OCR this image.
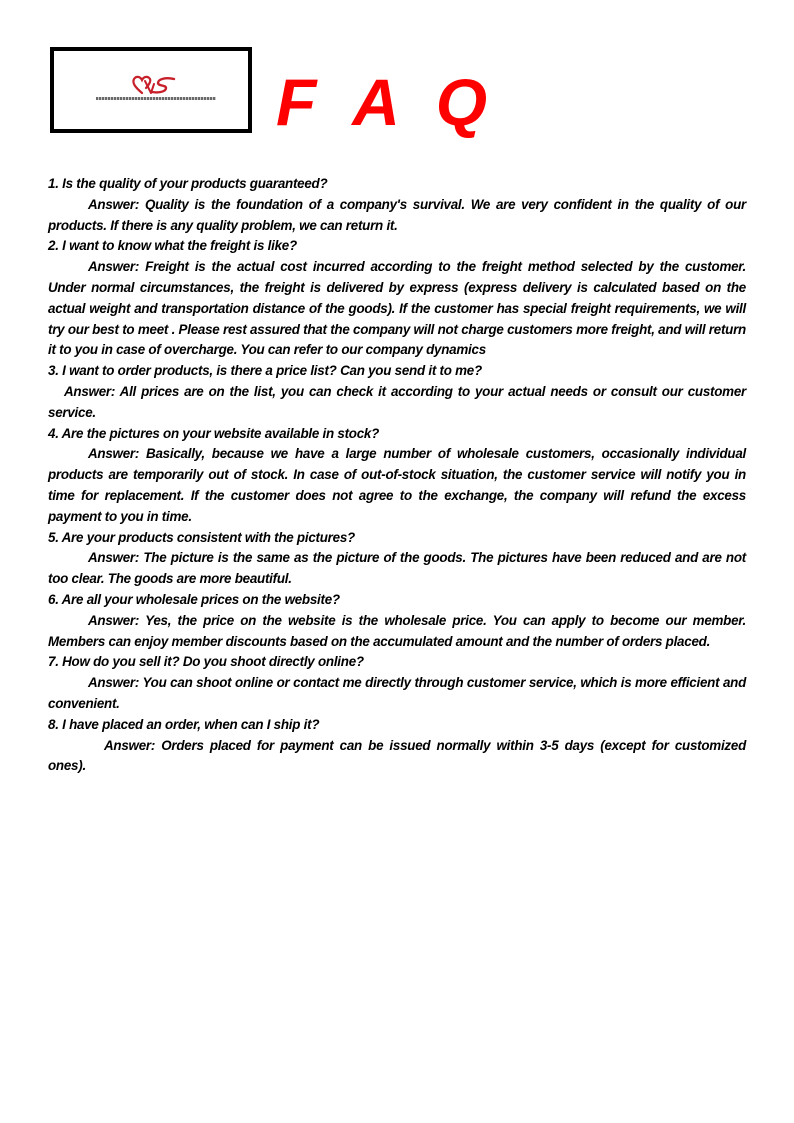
F A Q

1. Is the quality of your products guaranteed?

Answer: Quality is the foundation of a company's survival. We are very confident in the quality of our products. If there is any quality problem, we can return it.

2. I want to know what the freight is like?

Answer: Freight is the actual cost incurred according to the freight method selected by the customer. Under normal circumstances, the freight is delivered by express (express delivery is calculated based on the actual weight and transportation distance of the goods). If the customer has special freight requirements, we will try our best to meet . Please rest assured that the company will not charge customers more freight, and will return it to you in case of overcharge. You can refer to our company dynamics

3. I want to order products, is there a price list? Can you send it to me?

Answer: All prices are on the list, you can check it according to your actual needs or consult our customer service.

4. Are the pictures on your website available in stock?

Answer: Basically, because we have a large number of wholesale customers, occasionally individual products are temporarily out of stock. In case of out-of-stock situation, the customer service will notify you in time for replacement. If the customer does not agree to the exchange, the company will refund the excess payment to you in time.

5. Are your products consistent with the pictures?

Answer: The picture is the same as the picture of the goods. The pictures have been reduced and are not too clear. The goods are more beautiful.

6. Are all your wholesale prices on the website?

Answer: Yes, the price on the website is the wholesale price. You can apply to become our member. Members can enjoy member discounts based on the accumulated amount and the number of orders placed.

7. How do you sell it? Do you shoot directly online?

Answer: You can shoot online or contact me directly through customer service, which is more efficient and convenient.

8. I have placed an order, when can I ship it?

Answer: Orders placed for payment can be issued normally within 3-5 days (except for customized ones).
